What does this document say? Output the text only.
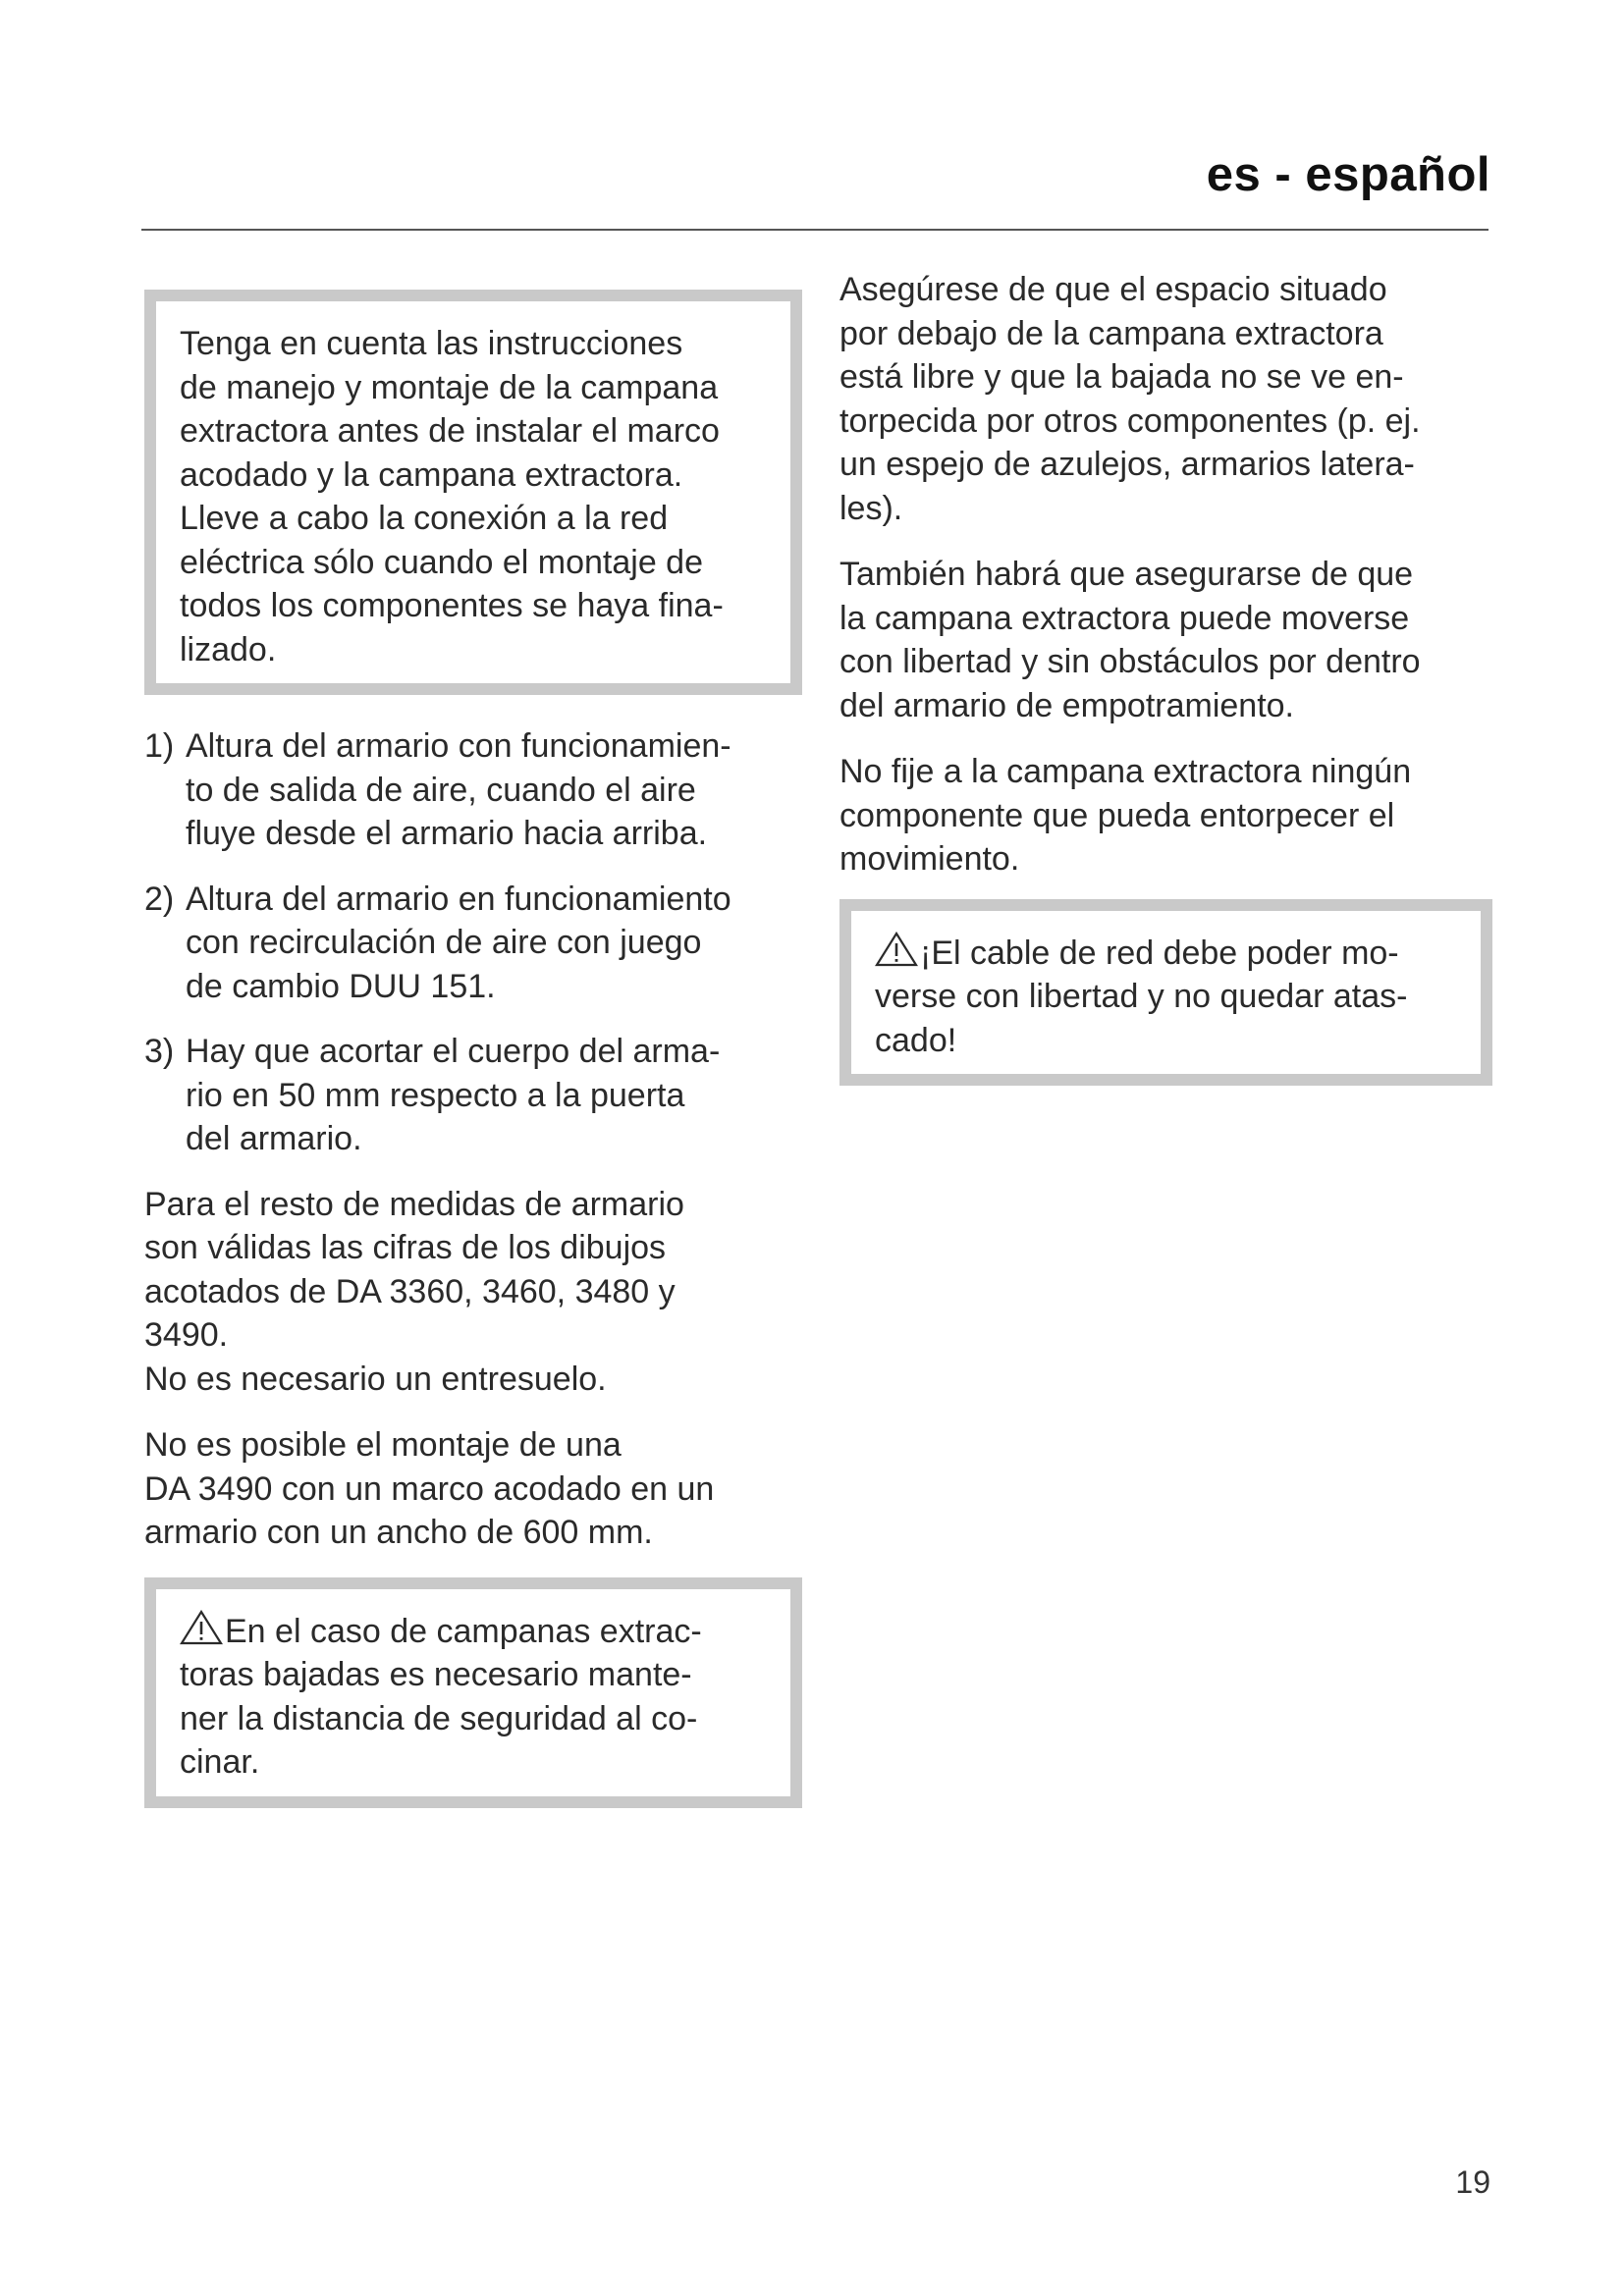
es - español

Tenga en cuenta las instrucciones
de manejo y montaje de la campana
extractora antes de instalar el marco
acodado y la campana extractora.
Lleve a cabo la conexión a la red
eléctrica sólo cuando el montaje de
todos los componentes se haya fina-
lizado.

1) Altura del armario con funcionamien-
to de salida de aire, cuando el aire
fluye desde el armario hacia arriba.
2) Altura del armario en funcionamiento
con recirculación de aire con juego
de cambio DUU 151.
3) Hay que acortar el cuerpo del arma-
rio en 50 mm respecto a la puerta
del armario.

Para el resto de medidas de armario
son válidas las cifras de los dibujos
acotados de DA 3360, 3460, 3480 y
3490.
No es necesario un entresuelo.

No es posible el montaje de una
DA 3490 con un marco acodado en un
armario con un ancho de 600 mm.

En el caso de campanas extrac-
toras bajadas es necesario mante-
ner la distancia de seguridad al co-
cinar.

Asegúrese de que el espacio situado
por debajo de la campana extractora
está libre y que la bajada no se ve en-
torpecida por otros componentes (p. ej.
un espejo de azulejos, armarios latera-
les).

También habrá que asegurarse de que
la campana extractora puede moverse
con libertad y sin obstáculos por dentro
del armario de empotramiento.

No fije a la campana extractora ningún
componente que pueda entorpecer el
movimiento.

¡El cable de red debe poder mo-
verse con libertad y no quedar atas-
cado!

19
